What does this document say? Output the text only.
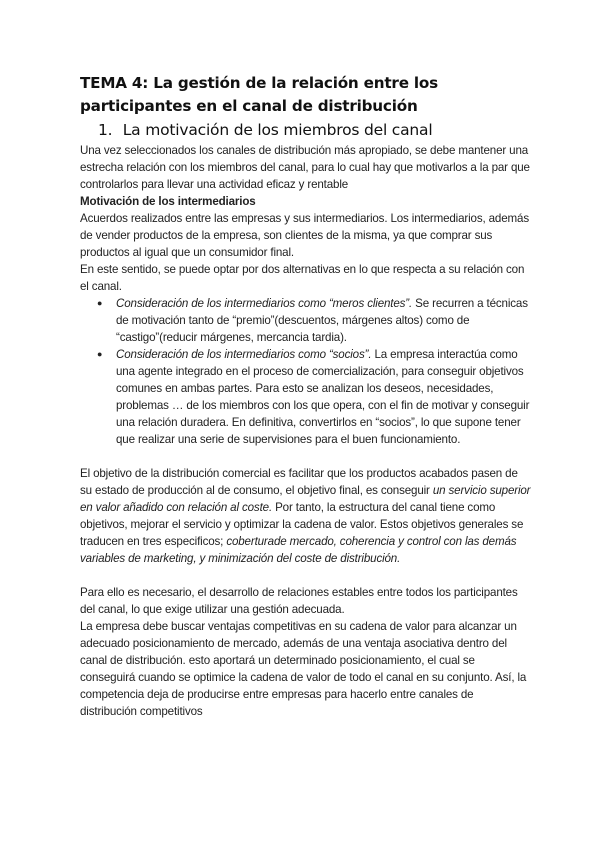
TEMA 4: La gestión de la relación entre los participantes en el canal de distribución
1. La motivación de los miembros del canal

Una vez seleccionados los canales de distribución más apropiado, se debe mantener una estrecha relación con los miembros del canal, para lo cual hay que motivarlos a la par que controlarlos para llevar una actividad eficaz y rentable

Motivación de los intermediarios

Acuerdos realizados entre las empresas y sus intermediarios. Los intermediarios, además de vender productos de la empresa, son clientes de la misma, ya que comprar sus productos al igual que un consumidor final.

En este sentido, se puede optar por dos alternativas en lo que respecta a su relación con el canal.

● Consideración de los intermediarios como “meros clientes”. Se recurren a técnicas de motivación tanto de “premio”(descuentos, márgenes altos) como de “castigo”(reducir márgenes, mercancia tardia).
● Consideración de los intermediarios como “socios”. La empresa interactúa como una agente integrado en el proceso de comercialización, para conseguir objetivos comunes en ambas partes. Para esto se analizan los deseos, necesidades, problemas … de los miembros con los que opera, con el fin de motivar y conseguir una relación duradera. En definitiva, convertirlos en “socios”, lo que supone tener que realizar una serie de supervisiones para el buen funcionamiento.

El objetivo de la distribución comercial es facilitar que los productos acabados pasen de su estado de producción al de consumo, el objetivo final, es conseguir un servicio superior en valor añadido con relación al coste. Por tanto, la estructura del canal tiene como objetivos, mejorar el servicio y optimizar la cadena de valor. Estos objetivos generales se traducen en tres especificos; coberturade mercado, coherencia y control con las demás variables de marketing, y minimización del coste de distribución.

Para ello es necesario, el desarrollo de relaciones estables entre todos los participantes del canal, lo que exige utilizar una gestión adecuada.

La empresa debe buscar ventajas competitivas en su cadena de valor para alcanzar un adecuado posicionamiento de mercado, además de una ventaja asociativa dentro del canal de distribución. esto aportará un determinado posicionamiento, el cual se conseguirá cuando se optimice la cadena de valor de todo el canal en su conjunto. Así, la competencia deja de producirse entre empresas para hacerlo entre canales de distribución competitivos
